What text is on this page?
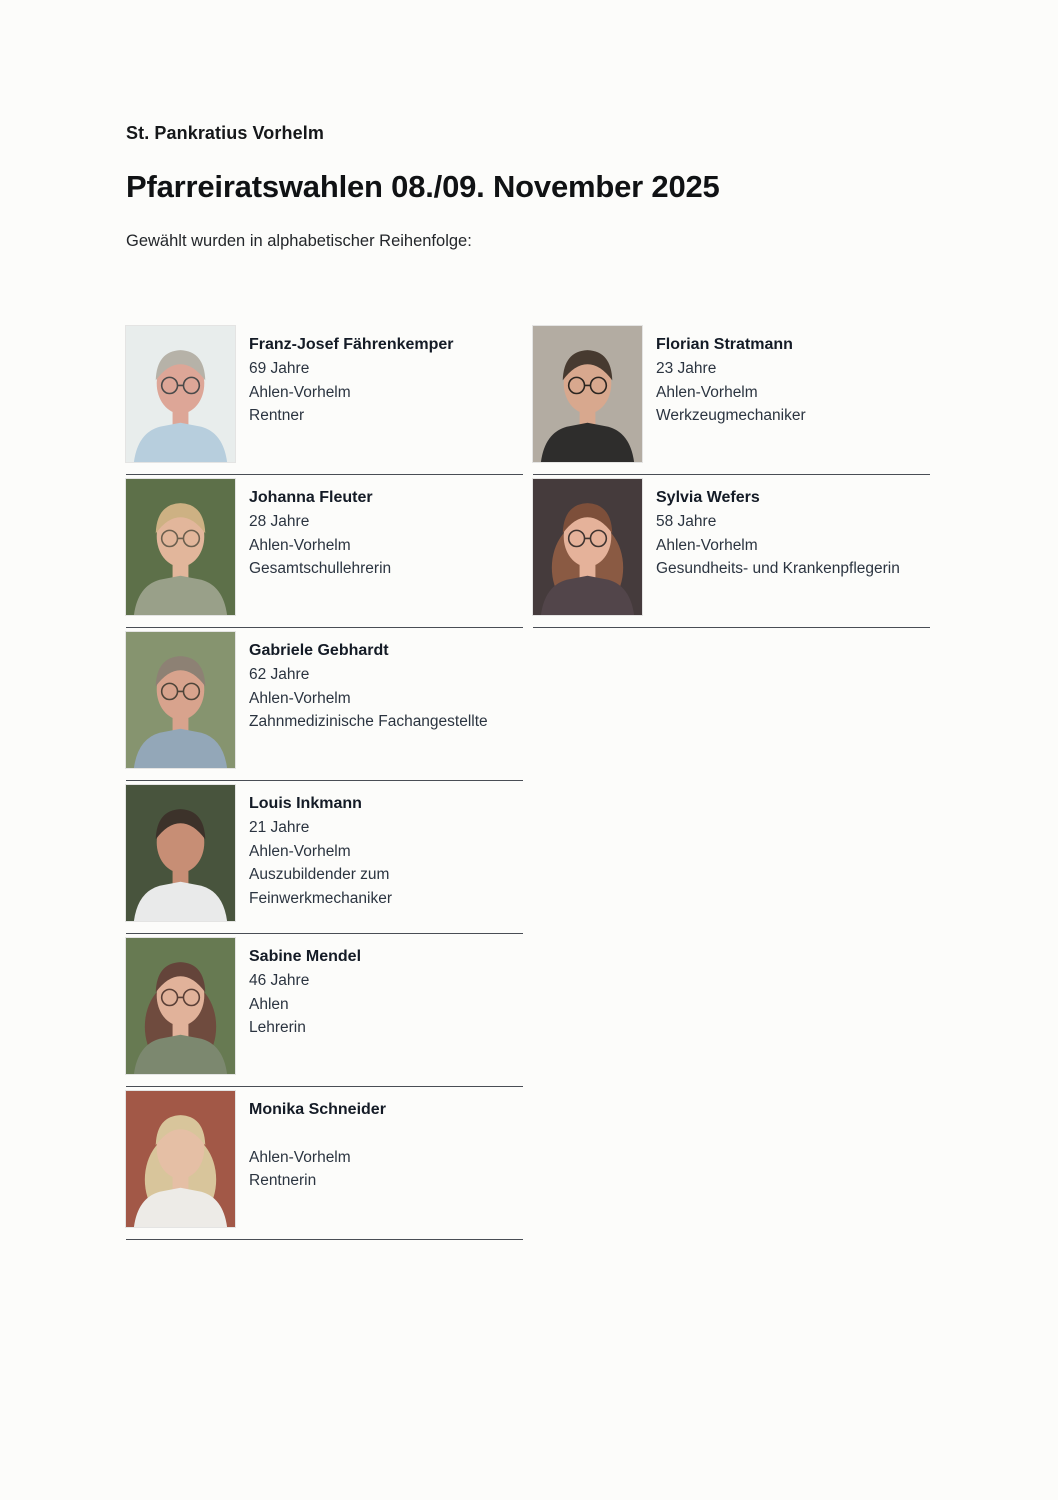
St. Pankratius Vorhelm
Pfarreiratswahlen 08./09. November 2025
Gewählt wurden in alphabetischer Reihenfolge:
Franz-Josef Fährenkemper
69 Jahre
Ahlen-Vorhelm
Rentner
Johanna Fleuter
28 Jahre
Ahlen-Vorhelm
Gesamtschullehrerin
Gabriele Gebhardt
62 Jahre
Ahlen-Vorhelm
Zahnmedizinische Fachangestellte
Louis Inkmann
21 Jahre
Ahlen-Vorhelm
Auszubildender zum
Feinwerkmechaniker
Sabine Mendel
46 Jahre
Ahlen
Lehrerin
Monika Schneider
Ahlen-Vorhelm
Rentnerin
Florian Stratmann
23 Jahre
Ahlen-Vorhelm
Werkzeugmechaniker
Sylvia Wefers
58 Jahre
Ahlen-Vorhelm
Gesundheits- und Krankenpflegerin
